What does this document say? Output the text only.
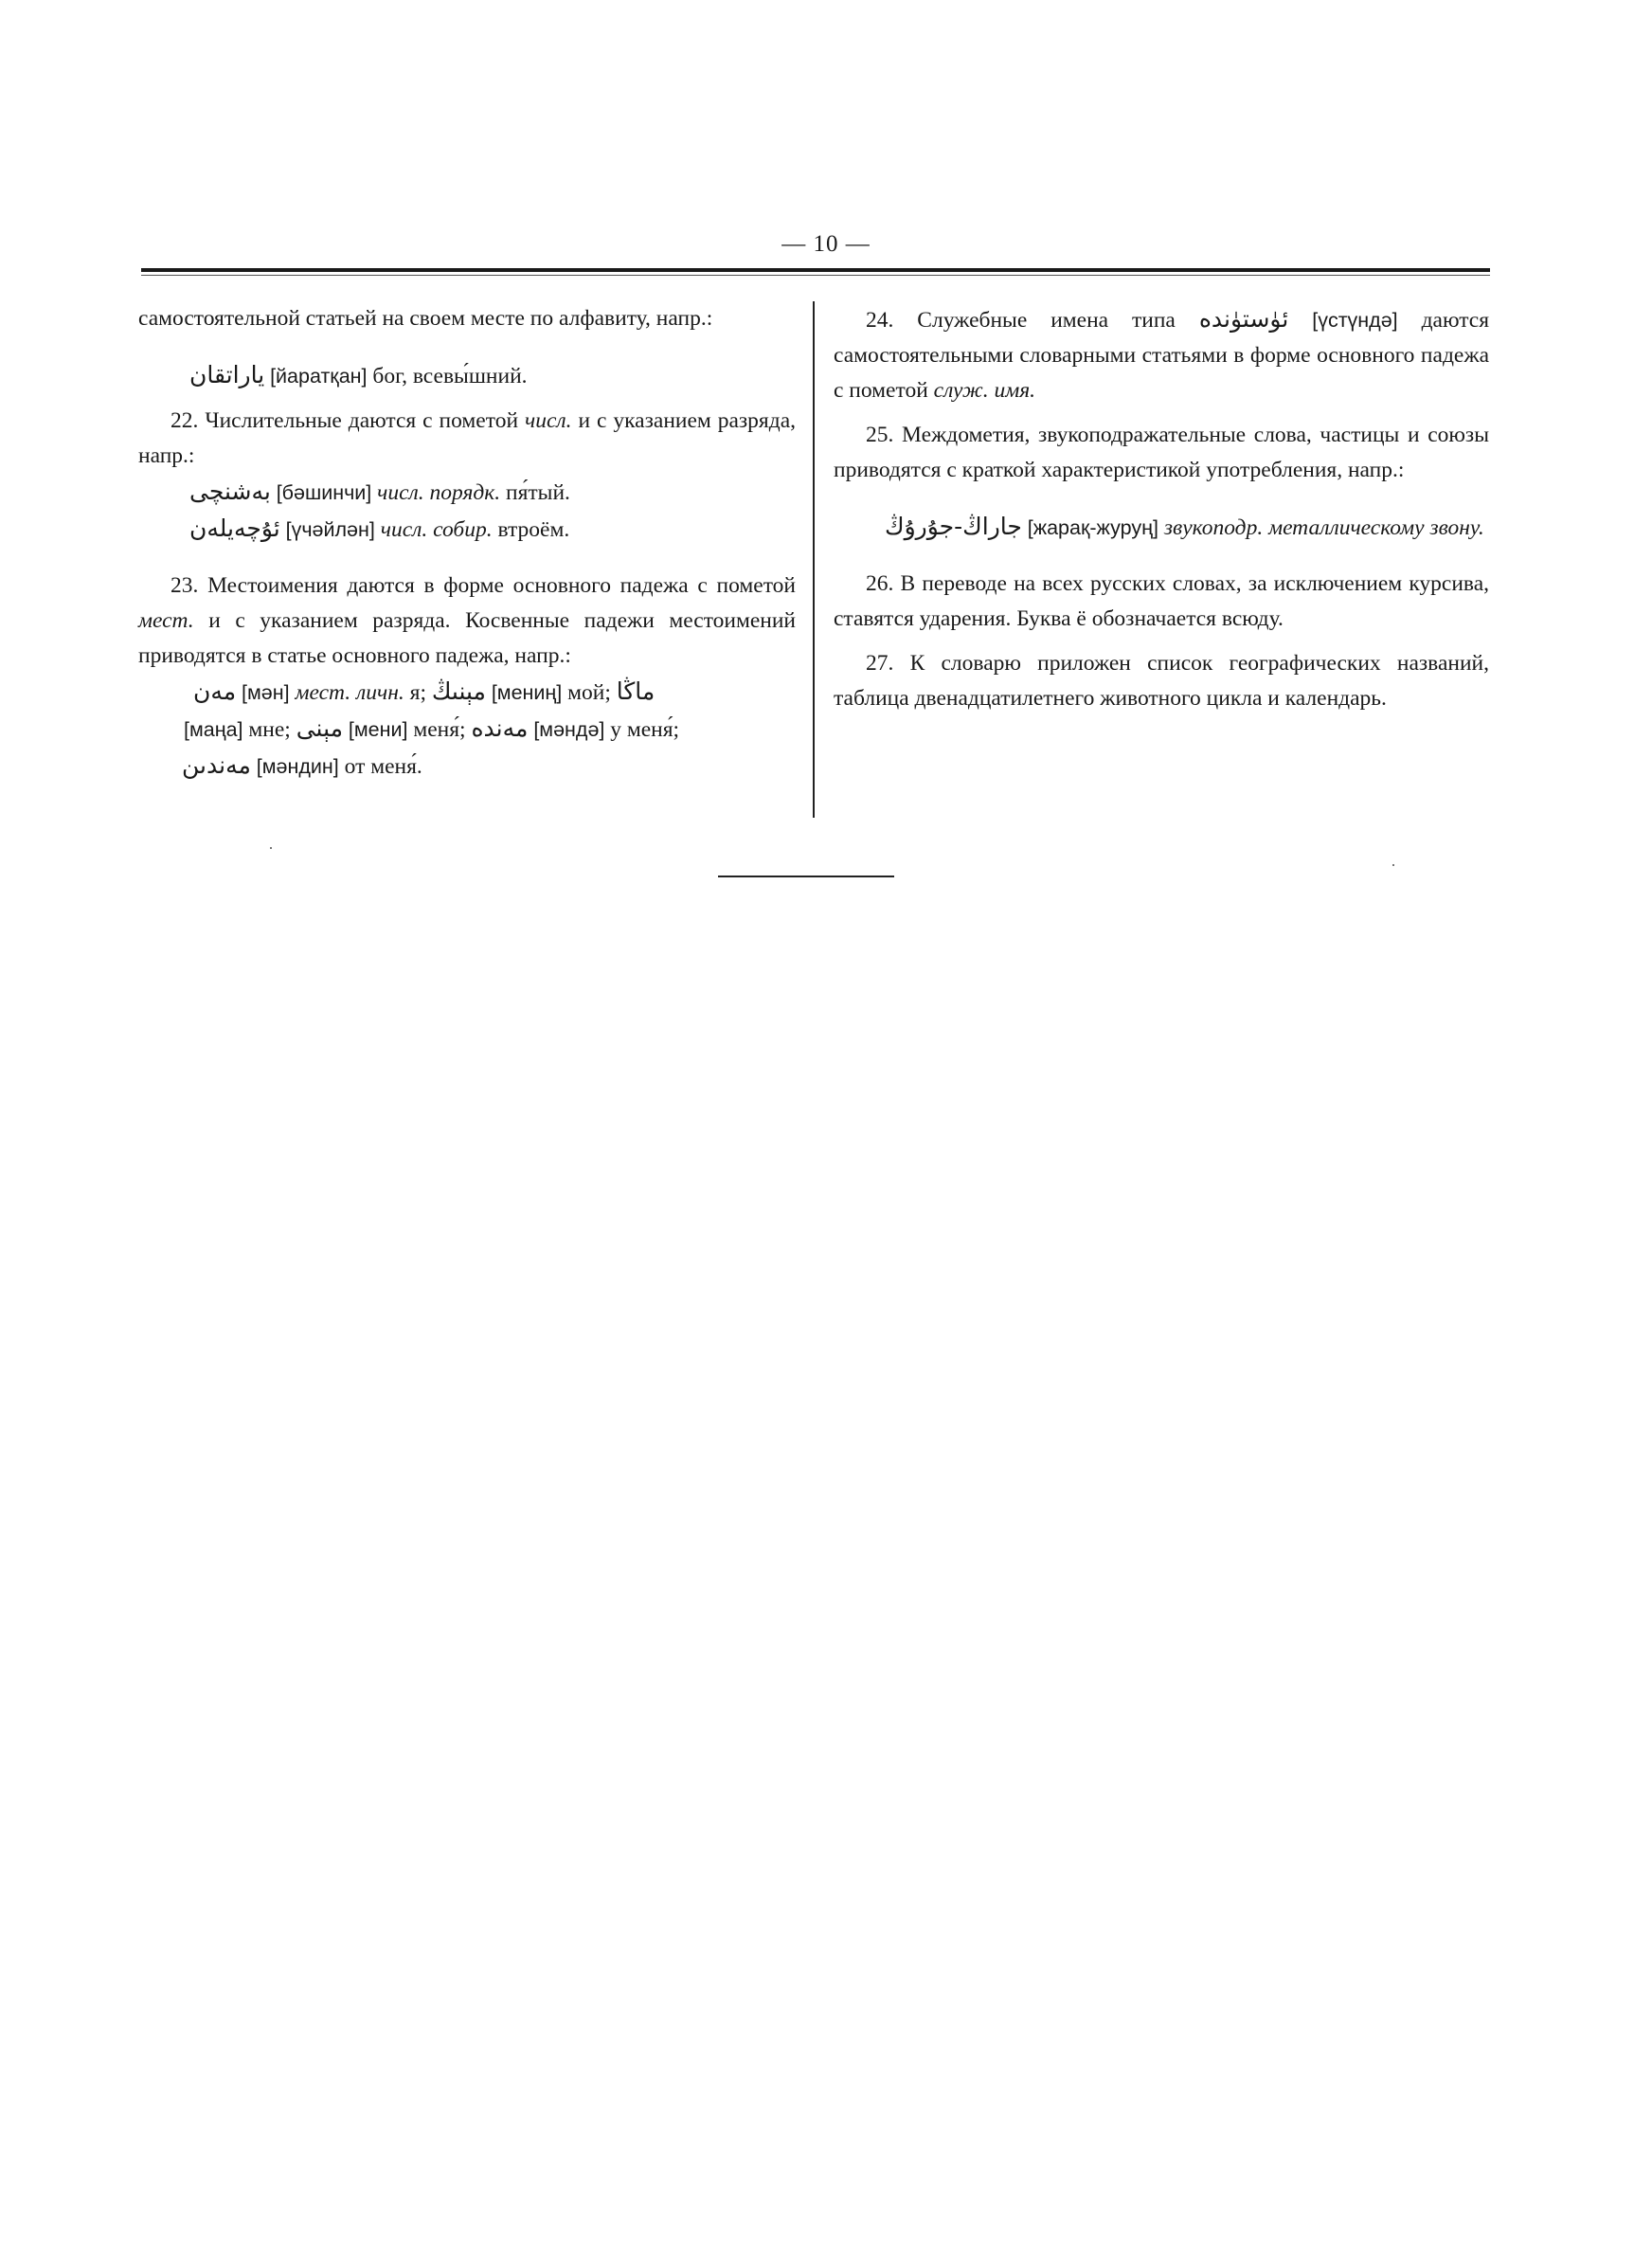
— 10 —

самостоятельной статьей на своем месте по алфавиту, напр.:

ياراتقان [йаратқан] бог, всевы́шний.

22. Числительные даются с пометой числ. и с указанием разряда, напр.:

بەشنچى [бәшинчи] числ. порядк. пя́тый.

ئۇچەيلەن [үчәйлән] числ. собир. втроём.

23. Местоимения даются в форме основного падежа с пометой мест. и с указанием разряда. Косвенные падежи местоимений приводятся в статье основного падежа, напр.:

مەن [мән] мест. личн. я; مېنىڭ [мениң] мой; ماڭا

[маңа] мне; مېنى [мени] меня́; مەندە [мәндә] у меня́;

مەندىن [мәндин] от меня́.

24. Служебные имена типа ئۈستۈندە [үстүндә] даются самостоятельными словарными статьями в форме основного падежа с пометой служ. имя.

25. Междометия, звукоподражательные слова, частицы и союзы приводятся с краткой характеристикой употребления, напр.:

جاراڭ-جۇرۇڭ [жарақ-журуң] звукоподр. металлическому звону.

26. В переводе на всех русских словах, за исключением курсива, ставятся ударения. Буква ё обозначается всюду.

27. К словарю приложен список географических названий, таблица двенадцатилетнего животного цикла и календарь.
